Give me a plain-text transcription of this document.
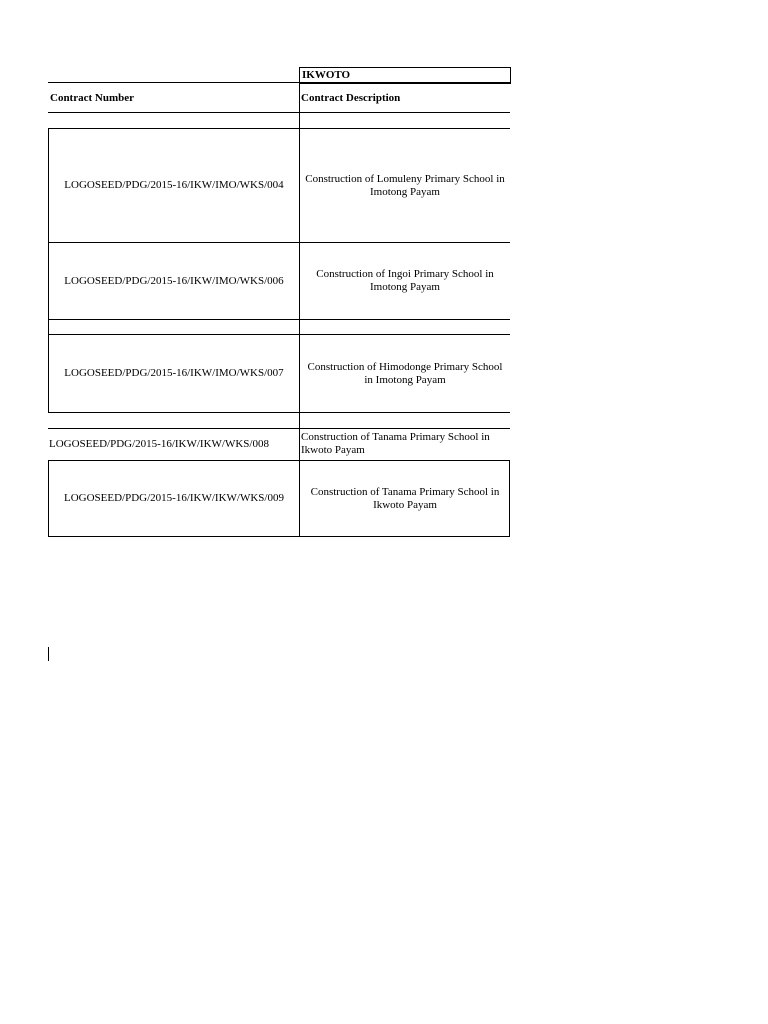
IKWOTO
Contract Number	Contract Description
LOGOSEED/PDG/2015-16/IKW/IMO/WKS/004
Construction of Lomuleny Primary School in Imotong Payam
LOGOSEED/PDG/2015-16/IKW/IMO/WKS/006
Construction of Ingoi Primary School in Imotong Payam
LOGOSEED/PDG/2015-16/IKW/IMO/WKS/007
Construction of Himodonge Primary School in Imotong Payam
LOGOSEED/PDG/2015-16/IKW/IKW/WKS/008
Construction of Tanama Primary School in Ikwoto Payam
LOGOSEED/PDG/2015-16/IKW/IKW/WKS/009
Construction of Tanama Primary School in Ikwoto Payam
